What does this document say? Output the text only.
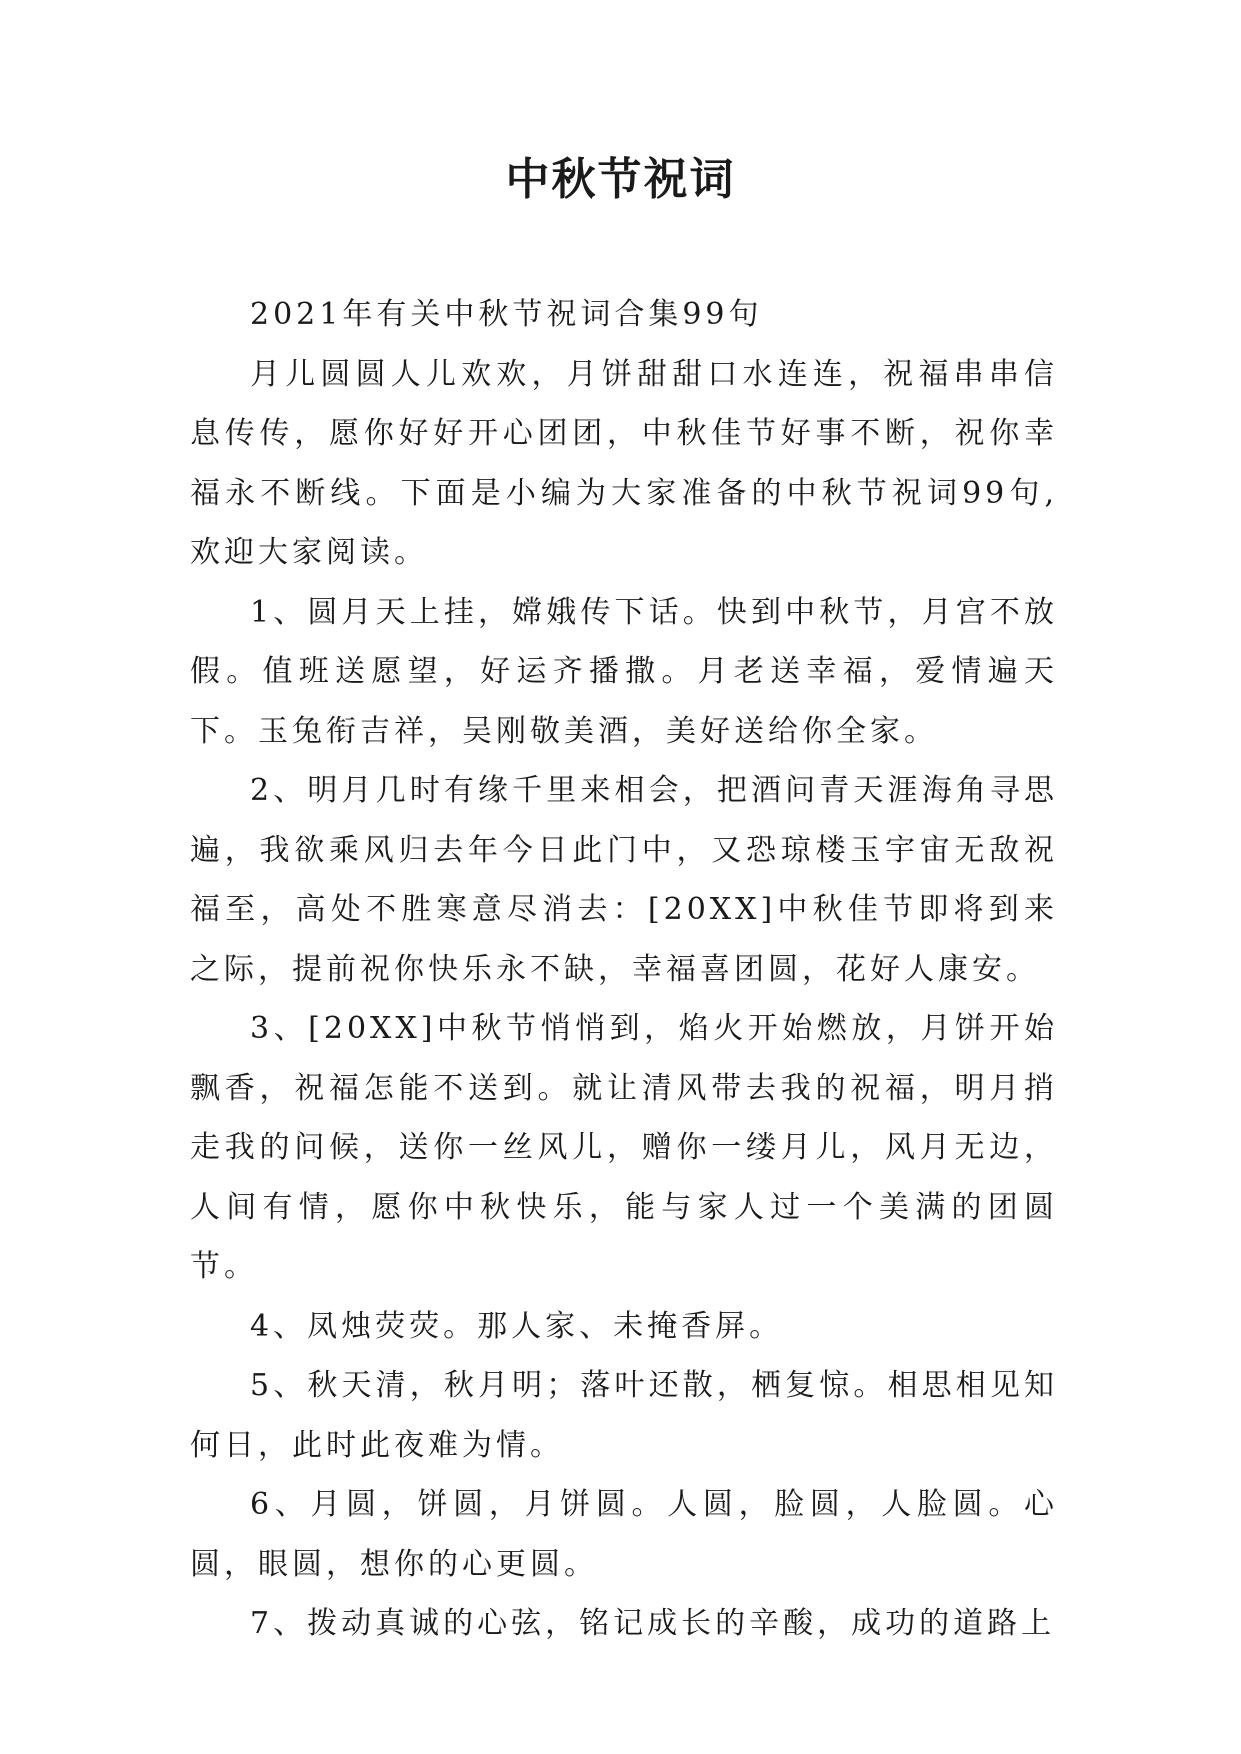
中秋节祝词

2021年有关中秋节祝词合集99句

月儿圆圆人儿欢欢，月饼甜甜口水连连，祝福串串信息传传，愿你好好开心团团，中秋佳节好事不断，祝你幸福永不断线。下面是小编为大家准备的中秋节祝词99句,欢迎大家阅读。

1、圆月天上挂，嫦娥传下话。快到中秋节，月宫不放假。值班送愿望，好运齐播撒。月老送幸福，爱情遍天下。玉兔衔吉祥，吴刚敬美酒，美好送给你全家。

2、明月几时有缘千里来相会，把酒问青天涯海角寻思遍，我欲乘风归去年今日此门中，又恐琼楼玉宇宙无敌祝福至，高处不胜寒意尽消去：[20XX]中秋佳节即将到来之际，提前祝你快乐永不缺，幸福喜团圆，花好人康安。

3、[20XX]中秋节悄悄到，焰火开始燃放，月饼开始飘香，祝福怎能不送到。就让清风带去我的祝福，明月捎走我的问候，送你一丝风儿，赠你一缕月儿，风月无边，人间有情，愿你中秋快乐，能与家人过一个美满的团圆节。

4、凤烛荧荧。那人家、未掩香屏。

5、秋天清，秋月明；落叶还散，栖复惊。相思相见知何日，此时此夜难为情。

6、月圆，饼圆，月饼圆。人圆，脸圆，人脸圆。心圆，眼圆，想你的心更圆。

7、拨动真诚的心弦，铭记成长的辛酸，成功的道路上
